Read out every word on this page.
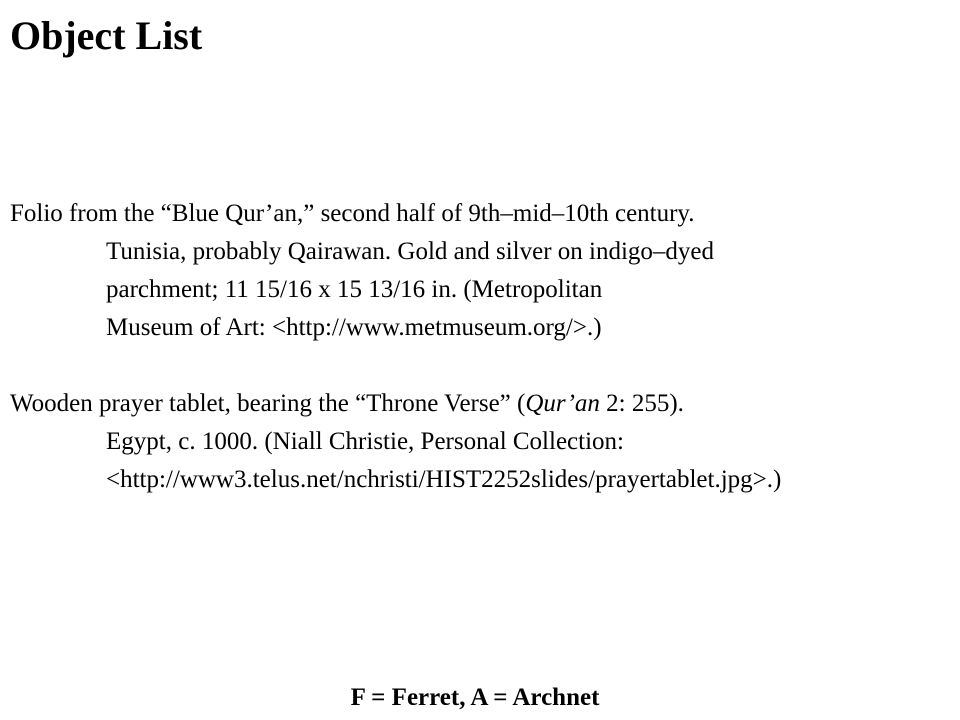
Object List
Folio from the “Blue Qur’an,” second half of 9th–mid–10th century.
Tunisia, probably Qairawan. Gold and silver on indigo–dyed
parchment; 11 15/16 x 15 13/16 in. (Metropolitan
Museum of Art: <http://www.metmuseum.org/>.)
Wooden prayer tablet, bearing the “Throne Verse” (Qur’an 2: 255).
Egypt, c. 1000. (Niall Christie, Personal Collection:
<http://www3.telus.net/nchristi/HIST2252slides/prayertablet.jpg>.)
F = Ferret, A = Archnet
